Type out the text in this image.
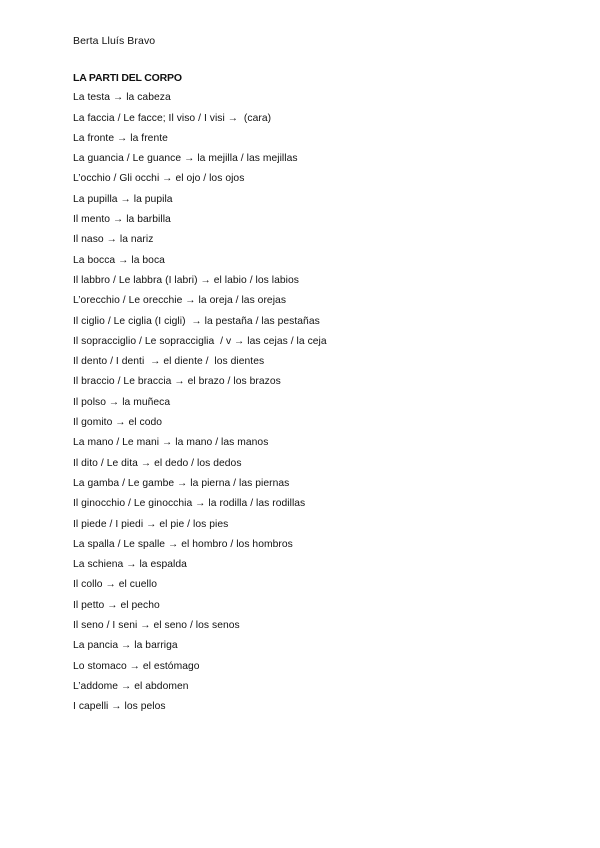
Berta Lluís Bravo
LA PARTI DEL CORPO
La testa → la cabeza
La faccia / Le facce; Il viso / I visi →  (cara)
La fronte → la frente
La guancia / Le guance → la mejilla / las mejillas
L’occhio / Gli occhi → el ojo / los ojos
La pupilla → la pupila
Il mento → la barbilla
Il naso → la nariz
La bocca → la boca
Il labbro / Le labbra (I labri) → el labio / los labios
L’orecchio / Le orecchie → la oreja / las orejas
Il ciglio / Le ciglia (I cigli)  → la pestaña / las pestañas
Il sopracciglio / Le sopracciglia  / v → las cejas / la ceja
Il dento / I denti  → el diente /  los dientes
Il braccio / Le braccia → el brazo / los brazos
Il polso → la muñeca
Il gomito → el codo
La mano / Le mani → la mano / las manos
Il dito / Le dita → el dedo / los dedos
La gamba / Le gambe → la pierna / las piernas
Il ginocchio / Le ginocchia → la rodilla / las rodillas
Il piede / I piedi → el pie / los pies
La spalla / Le spalle → el hombro / los hombros
La schiena → la espalda
Il collo → el cuello
Il petto → el pecho
Il seno / I seni → el seno / los senos
La pancia → la barriga
Lo stomaco → el estómago
L’addome → el abdomen
I capelli → los pelos
